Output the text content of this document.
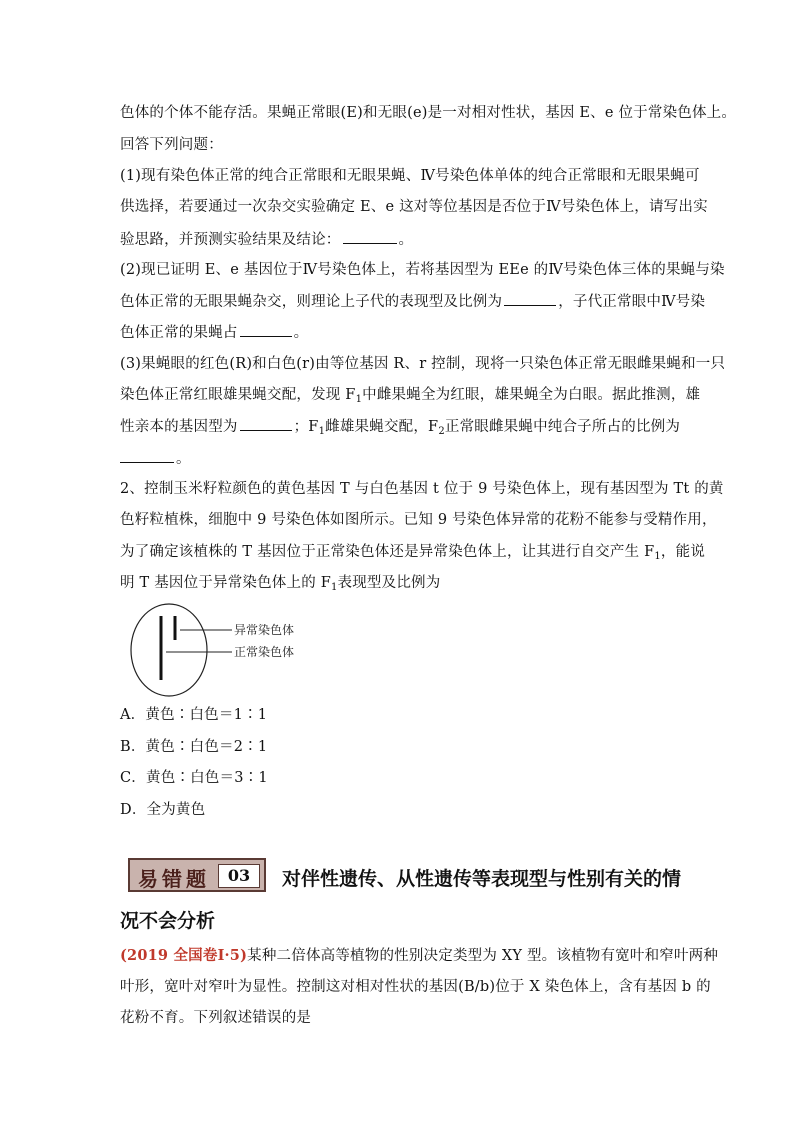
色体的个体不能存活。果蝇正常眼(E)和无眼(e)是一对相对性状，基因 E、e 位于常染色体上。
回答下列问题：
(1)现有染色体正常的纯合正常眼和无眼果蝇、Ⅳ号染色体单体的纯合正常眼和无眼果蝇可
供选择，若要通过一次杂交实验确定 E、e 这对等位基因是否位于Ⅳ号染色体上，请写出实
验思路，并预测实验结果及结论：	。
(2)现已证明 E、e 基因位于Ⅳ号染色体上，若将基因型为 EEe 的Ⅳ号染色体三体的果蝇与染
色体正常的无眼果蝇杂交，则理论上子代的表现型及比例为	，子代正常眼中Ⅳ号染
色体正常的果蝇占	。
(3)果蝇眼的红色(R)和白色(r)由等位基因 R、r 控制，现将一只染色体正常无眼雌果蝇和一只
染色体正常红眼雄果蝇交配，发现 $F_1$中雌果蝇全为红眼，雄果蝇全为白眼。据此推测，雄
性亲本的基因型为	；$F_1$雌雄果蝇交配，$F_2$正常眼雌果蝇中纯合子所占的比例为
。
2、控制玉米籽粒颜色的黄色基因 T 与白色基因 t 位于 9 号染色体上，现有基因型为 Tt 的黄
色籽粒植株，细胞中 9 号染色体如图所示。已知 9 号染色体异常的花粉不能参与受精作用，
为了确定该植株的 T 基因位于正常染色体还是异常染色体上，让其进行自交产生 $F_1$，能说
明 T 基因位于异常染色体上的 $F_1$表现型及比例为
异常染色体
正常染色体
A．黄色∶白色＝1∶1
B．黄色∶白色＝2∶1
C．黄色∶白色＝3∶1
D．全为黄色
易错题	03	对伴性遗传、从性遗传等表现型与性别有关的情
况不会分析
(2019 全国卷Ⅰ·5)某种二倍体高等植物的性别决定类型为 XY 型。该植物有宽叶和窄叶两种
叶形，宽叶对窄叶为显性。控制这对相对性状的基因(B/b)位于 X 染色体上，含有基因 b 的
花粉不育。下列叙述错误的是
